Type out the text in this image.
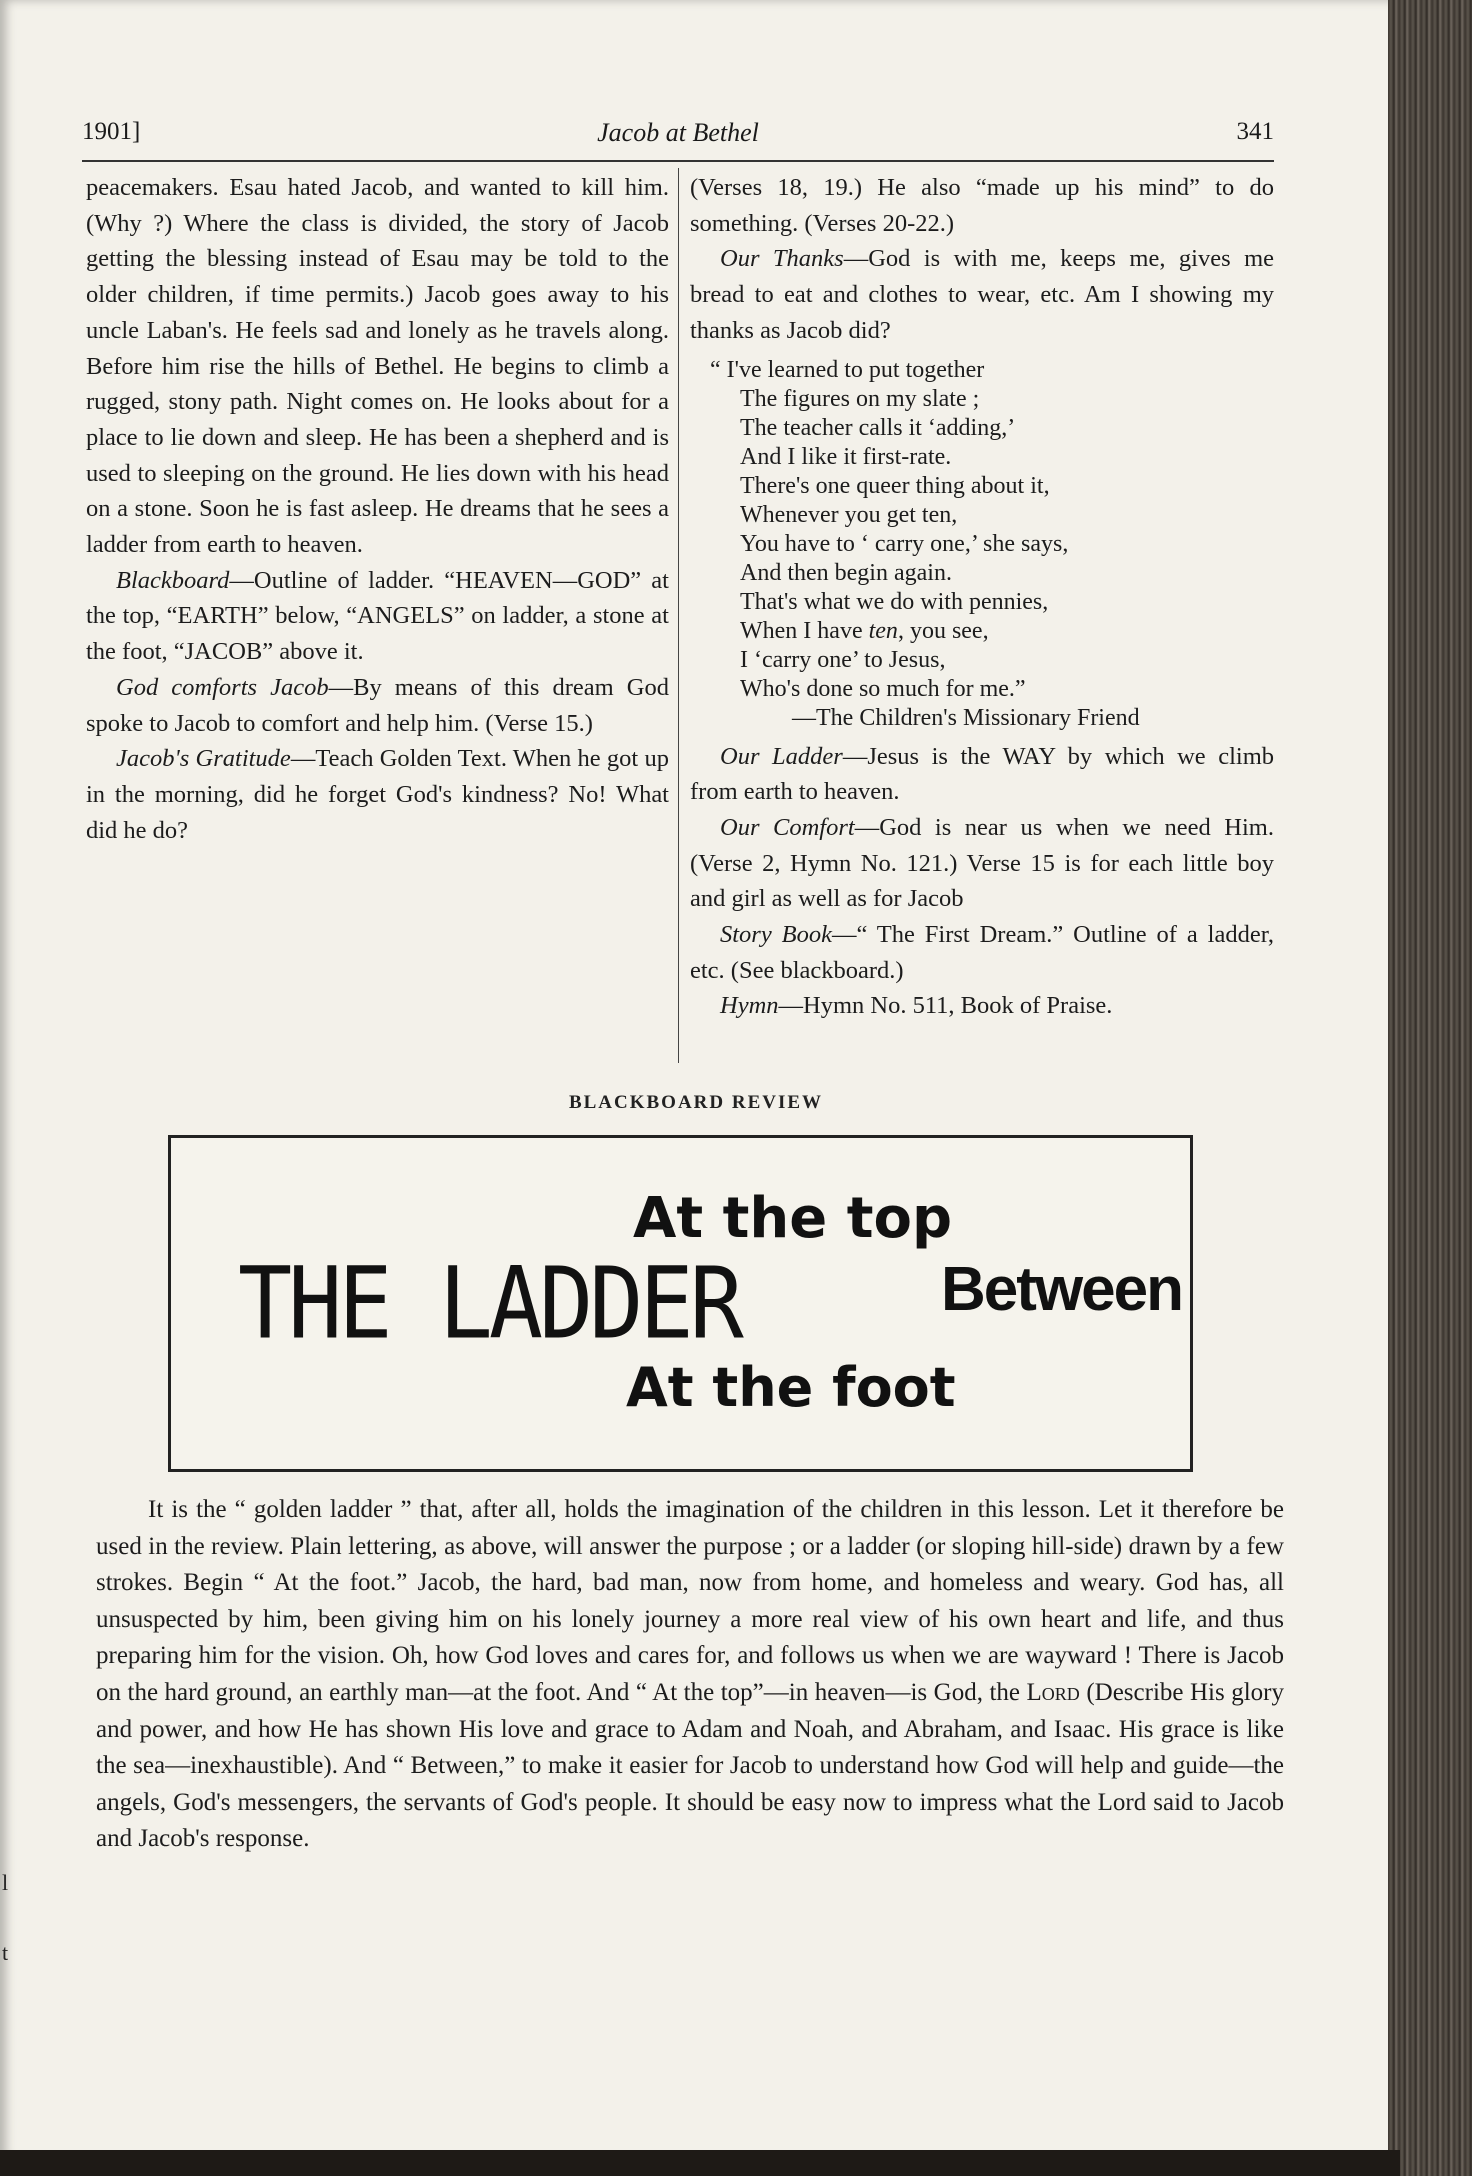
1901]	Jacob at Bethel	341

peacemakers. Esau hated Jacob, and wanted to kill him. (Why ?) Where the class is divided, the story of Jacob getting the blessing instead of Esau may be told to the older children, if time permits.) Jacob goes away to his uncle Laban's. He feels sad and lonely as he travels along. Before him rise the hills of Bethel. He begins to climb a rugged, stony path. Night comes on. He looks about for a place to lie down and sleep. He has been a shepherd and is used to sleeping on the ground. He lies down with his head on a stone. Soon he is fast asleep. He dreams that he sees a ladder from earth to heaven.

Blackboard—Outline of ladder. “HEAVEN—GOD” at the top, “EARTH” below, “ANGELS” on ladder, a stone at the foot, “JACOB” above it.

God comforts Jacob—By means of this dream God spoke to Jacob to comfort and help him. (Verse 15.)

Jacob's Gratitude—Teach Golden Text. When he got up in the morning, did he forget God's kindness? No! What did he do?

(Verses 18, 19.) He also “made up his mind” to do something. (Verses 20-22.)

Our Thanks—God is with me, keeps me, gives me bread to eat and clothes to wear, etc. Am I showing my thanks as Jacob did?

“ I've learned to put together
The figures on my slate ;
The teacher calls it ‘adding,’
And I like it first-rate.
There's one queer thing about it,
Whenever you get ten,
You have to ‘ carry one,’ she says,
And then begin again.
That's what we do with pennies,
When I have ten, you see,
I ‘carry one’ to Jesus,
Who's done so much for me.”
—The Children's Missionary Friend

Our Ladder—Jesus is the WAY by which we climb from earth to heaven.

Our Comfort—God is near us when we need Him. (Verse 2, Hymn No. 121.) Verse 15 is for each little boy and girl as well as for Jacob

Story Book—“ The First Dream.” Outline of a ladder, etc. (See blackboard.)

Hymn—Hymn No. 511, Book of Praise.

BLACKBOARD REVIEW
At the top
THE LADDER	Between
At the foot

It is the “ golden ladder ” that, after all, holds the imagination of the children in this lesson. Let it therefore be used in the review. Plain lettering, as above, will answer the purpose ; or a ladder (or sloping hill-side) drawn by a few strokes. Begin “ At the foot.” Jacob, the hard, bad man, now from home, and homeless and weary. God has, all unsuspected by him, been giving him on his lonely journey a more real view of his own heart and life, and thus preparing him for the vision. Oh, how God loves and cares for, and follows us when we are wayward ! There is Jacob on the hard ground, an earthly man—at the foot. And “ At the top”—in heaven—is God, the Lord (Describe His glory and power, and how He has shown His love and grace to Adam and Noah, and Abraham, and Isaac. His grace is like the sea—inexhaustible). And “ Between,” to make it easier for Jacob to understand how God will help and guide—the angels, God's messengers, the servants of God's people. It should be easy now to impress what the Lord said to Jacob and Jacob's response.

l
t
